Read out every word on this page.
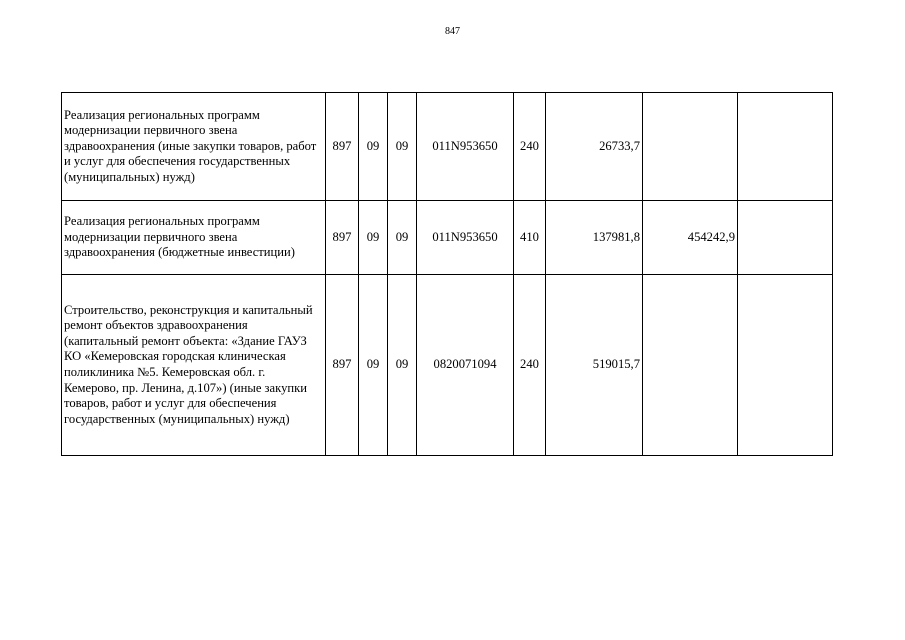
847
Реализация региональных программ модернизации первичного звена здравоохранения (иные закупки товаров, работ и услуг для обеспечения государственных (муниципальных) нужд)	897	09	09	011N953650	240	26733,7		
Реализация региональных программ модернизации первичного звена здравоохранения (бюджетные инвестиции)	897	09	09	011N953650	410	137981,8	454242,9	
Строительство, реконструкция и капитальный ремонт объектов здравоохранения (капитальный ремонт объекта: «Здание ГАУЗ КО «Кемеровская городская клиническая поликлиника №5. Кемеровская обл. г. Кемерово, пр. Ленина, д.107») (иные закупки товаров, работ и услуг для обеспечения государственных (муниципальных) нужд)	897	09	09	0820071094	240	519015,7		
